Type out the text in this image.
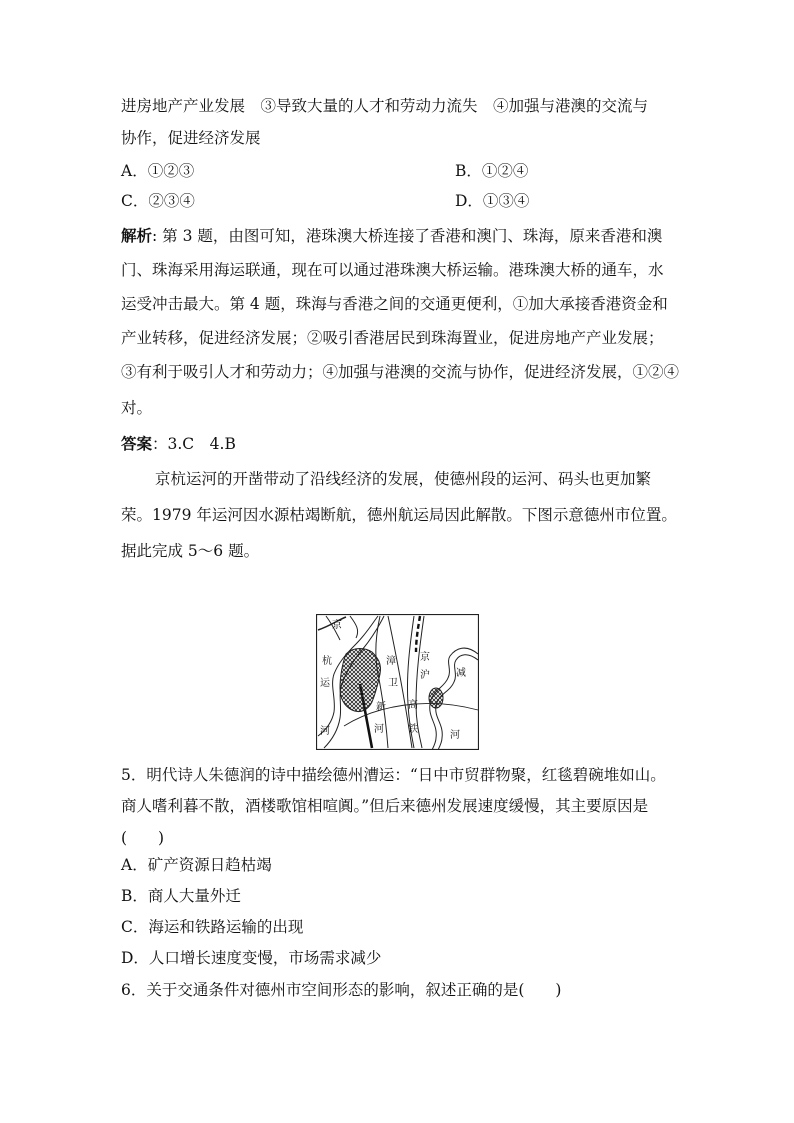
进房地产产业发展　③导致大量的人才和劳动力流失　④加强与港澳的交流与
协作，促进经济发展
A．①②③	B．①②④
C．②③④	D．①③④
解析: 第 3 题，由图可知，港珠澳大桥连接了香港和澳门、珠海，原来香港和澳
门、珠海采用海运联通，现在可以通过港珠澳大桥运输。港珠澳大桥的通车，水
运受冲击最大。第 4 题，珠海与香港之间的交通更便利，①加大承接香港资金和
产业转移，促进经济发展；②吸引香港居民到珠海置业，促进房地产产业发展；
③有利于吸引人才和劳动力；④加强与港澳的交流与协作，促进经济发展，①②④
对。
答案：3.C　4.B
京杭运河的开凿带动了沿线经济的发展，使德州段的运河、码头也更加繁
荣。1979 年运河因水源枯竭断航，德州航运局因此解散。下图示意德州市位置。
据此完成 5～6 题。
京
杭
运
河
漳
卫
新
河
京
沪
高
铁
减
河
5．明代诗人朱德润的诗中描绘德州漕运：“日中市贸群物聚，红毯碧碗堆如山。
商人嗜利暮不散，酒楼歌馆相喧阗。”但后来德州发展速度缓慢，其主要原因是
(　　)
A．矿产资源日趋枯竭
B．商人大量外迁
C．海运和铁路运输的出现
D．人口增长速度变慢，市场需求减少
6．关于交通条件对德州市空间形态的影响，叙述正确的是(　　)
